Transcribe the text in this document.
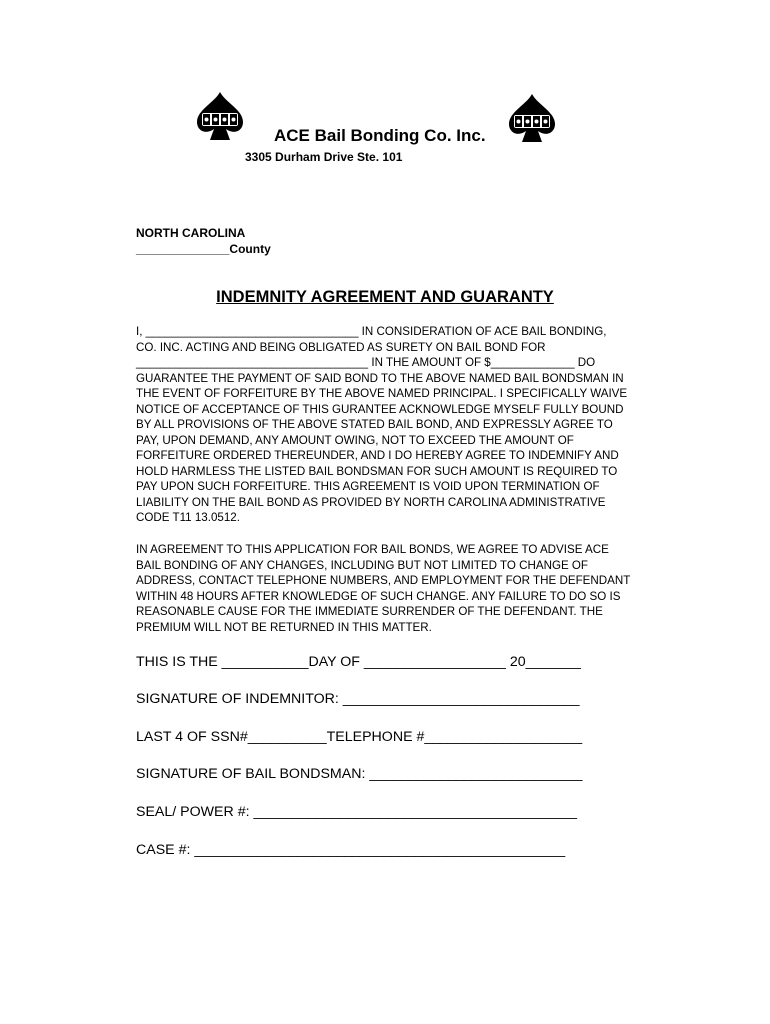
ACE Bail Bonding Co. Inc.
3305 Durham Drive Ste. 101
NORTH CAROLINA
______________County
INDEMNITY AGREEMENT AND GUARANTY
I, _________________________________ IN CONSIDERATION OF ACE BAIL BONDING,
CO. INC. ACTING AND BEING OBLIGATED AS SURETY ON BAIL BOND FOR
____________________________________ IN THE AMOUNT OF $_____________ DO
GUARANTEE THE PAYMENT OF SAID BOND TO THE ABOVE NAMED BAIL BONDSMAN IN
THE EVENT OF FORFEITURE BY THE ABOVE NAMED PRINCIPAL. I SPECIFICALLY WAIVE
NOTICE OF ACCEPTANCE OF THIS GURANTEE ACKNOWLEDGE MYSELF FULLY BOUND
BY ALL PROVISIONS OF THE ABOVE STATED BAIL BOND, AND EXPRESSLY AGREE TO
PAY, UPON DEMAND, ANY AMOUNT OWING, NOT TO EXCEED THE AMOUNT OF
FORFEITURE ORDERED THEREUNDER, AND I DO HEREBY AGREE TO INDEMNIFY AND
HOLD HARMLESS THE LISTED BAIL BONDSMAN FOR SUCH AMOUNT IS REQUIRED TO
PAY UPON SUCH FORFEITURE. THIS AGREEMENT IS VOID UPON TERMINATION OF
LIABILITY ON THE BAIL BOND AS PROVIDED BY NORTH CAROLINA ADMINISTRATIVE
CODE T11 13.0512.
IN AGREEMENT TO THIS APPLICATION FOR BAIL BONDS, WE AGREE TO ADVISE ACE
BAIL BONDING OF ANY CHANGES, INCLUDING BUT NOT LIMITED TO CHANGE OF
ADDRESS, CONTACT TELEPHONE NUMBERS, AND EMPLOYMENT FOR THE DEFENDANT
WITHIN 48 HOURS AFTER KNOWLEDGE OF SUCH CHANGE. ANY FAILURE TO DO SO IS
REASONABLE CAUSE FOR THE IMMEDIATE SURRENDER OF THE DEFENDANT. THE
PREMIUM WILL NOT BE RETURNED IN THIS MATTER.
THIS IS THE ___________DAY OF __________________ 20_______
SIGNATURE OF INDEMNITOR: ______________________________
LAST 4 OF SSN#__________TELEPHONE #____________________
SIGNATURE OF BAIL BONDSMAN: ___________________________
SEAL/ POWER #: _________________________________________
CASE #: _______________________________________________
